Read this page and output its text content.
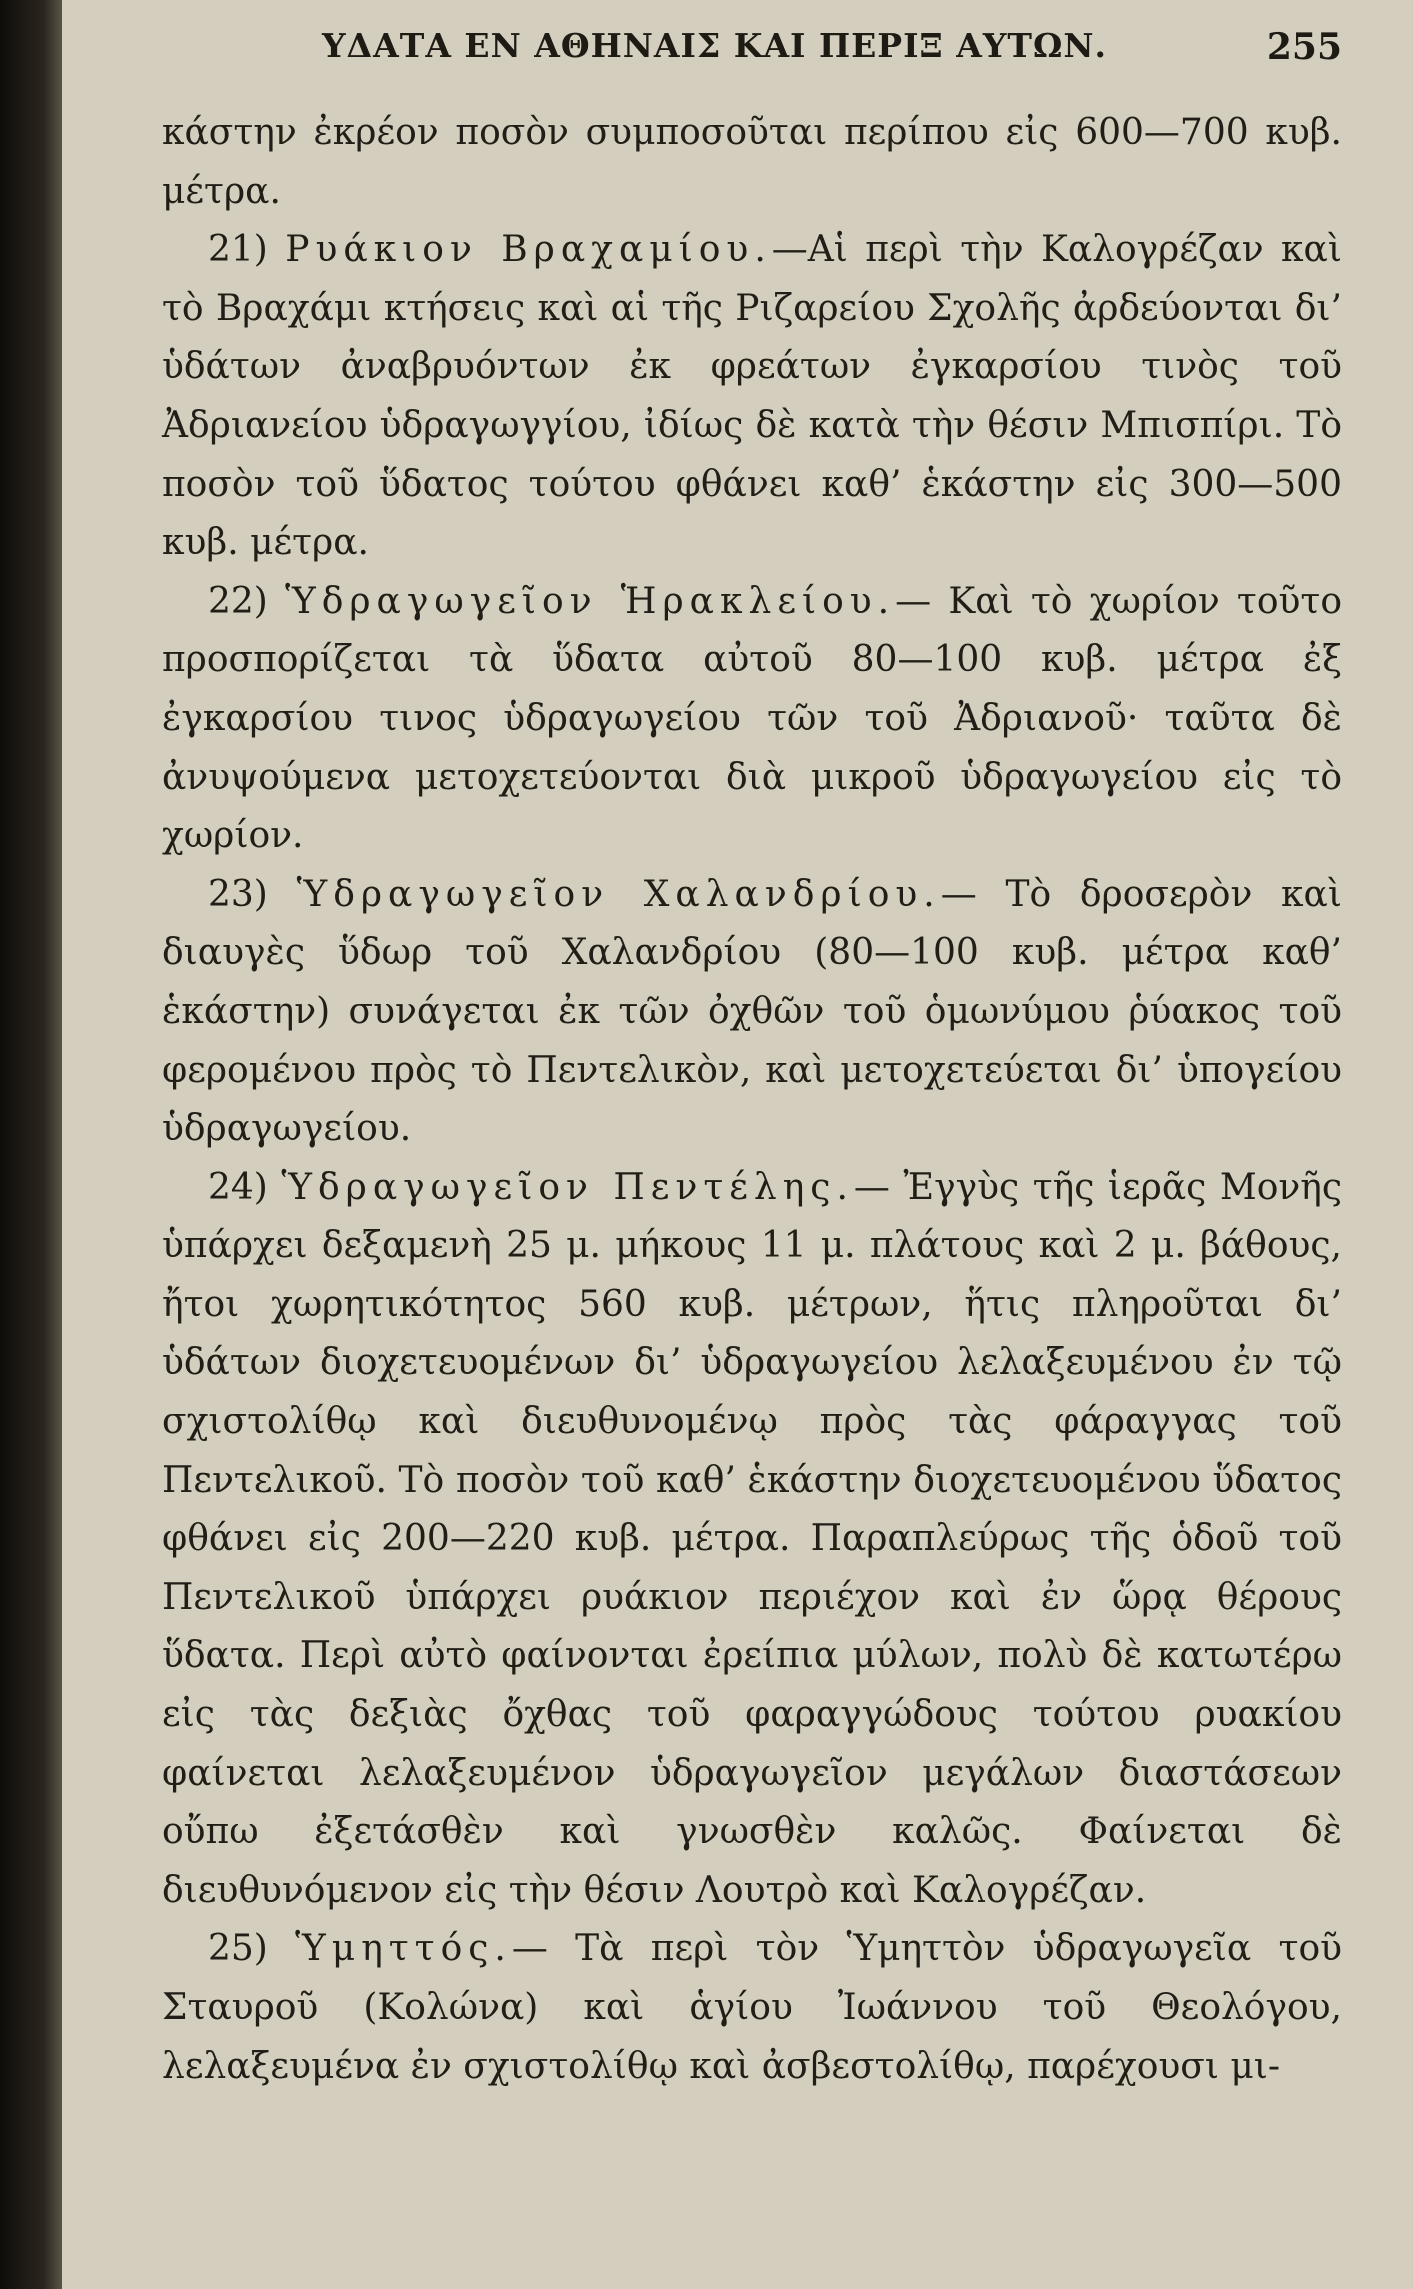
ΥΔΑΤΑ ΕΝ ΑΘΗΝΑΙΣ ΚΑΙ ΠΕΡΙΞ ΑΥΤΩΝ.	255

κάστην ἐκρέον ποσὸν συμποσοῦται περίπου εἰς 600—700 κυβ. μέτρα.

21) Ρυάκιον Βραχαμίου.—Αἱ περὶ τὴν Καλογρέζαν καὶ τὸ Βραχάμι κτήσεις καὶ αἱ τῆς Ριζαρείου Σχολῆς ἀρδεύονται δι’ ὑδάτων ἀναβρυόντων ἐκ φρεάτων ἐγκαρσίου τινὸς τοῦ Ἀδριανείου ὑδραγωγγίου, ἰδίως δὲ κατὰ τὴν θέσιν Μπισπίρι. Τὸ ποσὸν τοῦ ὕδατος τούτου φθάνει καθ’ ἑκάστην εἰς 300—500 κυβ. μέτρα.

22) Ὑδραγωγεῖον Ἡρακλείου.— Καὶ τὸ χωρίον τοῦτο προσπορίζεται τὰ ὕδατα αὐτοῦ 80—100 κυβ. μέτρα ἐξ ἐγκαρσίου τινος ὑδραγωγείου τῶν τοῦ Ἀδριανοῦ· ταῦτα δὲ ἀνυψούμενα μετοχετεύονται διὰ μικροῦ ὑδραγωγείου εἰς τὸ χωρίον.

23) Ὑδραγωγεῖον Χαλανδρίου.— Τὸ δροσερὸν καὶ διαυγὲς ὕδωρ τοῦ Χαλανδρίου (80—100 κυβ. μέτρα καθ’ ἑκάστην) συνάγεται ἐκ τῶν ὀχθῶν τοῦ ὁμωνύμου ῥύακος τοῦ φερομένου πρὸς τὸ Πεντελικὸν, καὶ μετοχετεύεται δι’ ὑπογείου ὑδραγωγείου.

24) Ὑδραγωγεῖον Πεντέλης.— Ἐγγὺς τῆς ἱερᾶς Μονῆς ὑπάρχει δεξαμενὴ 25 μ. μήκους 11 μ. πλάτους καὶ 2 μ. βάθους, ἤτοι χωρητικότητος 560 κυβ. μέτρων, ἥτις πληροῦται δι’ ὑδάτων διοχετευομένων δι’ ὑδραγωγείου λελαξευμένου ἐν τῷ σχιστολίθῳ καὶ διευθυνομένῳ πρὸς τὰς φάραγγας τοῦ Πεντελικοῦ. Τὸ ποσὸν τοῦ καθ’ ἑκάστην διοχετευομένου ὕδατος φθάνει εἰς 200—220 κυβ. μέτρα. Παραπλεύρως τῆς ὁδοῦ τοῦ Πεντελικοῦ ὑπάρχει ρυάκιον περιέχον καὶ ἐν ὥρᾳ θέρους ὕδατα. Περὶ αὐτὸ φαίνονται ἐρείπια μύλων, πολὺ δὲ κατωτέρω εἰς τὰς δεξιὰς ὄχθας τοῦ φαραγγώδους τούτου ρυακίου φαίνεται λελαξευμένον ὑδραγωγεῖον μεγάλων διαστάσεων οὔπω ἐξετάσθὲν καὶ γνωσθὲν καλῶς. Φαίνεται δὲ διευθυνόμενον εἰς τὴν θέσιν Λουτρὸ καὶ Καλογρέζαν.

25) Ὑμηττός.— Τὰ περὶ τὸν Ὑμηττὸν ὑδραγωγεῖα τοῦ Σταυροῦ (Κολώνα) καὶ ἁγίου Ἰωάννου τοῦ Θεολόγου, λελαξευμένα ἐν σχιστολίθῳ καὶ ἀσβεστολίθῳ, παρέχουσι μι-
